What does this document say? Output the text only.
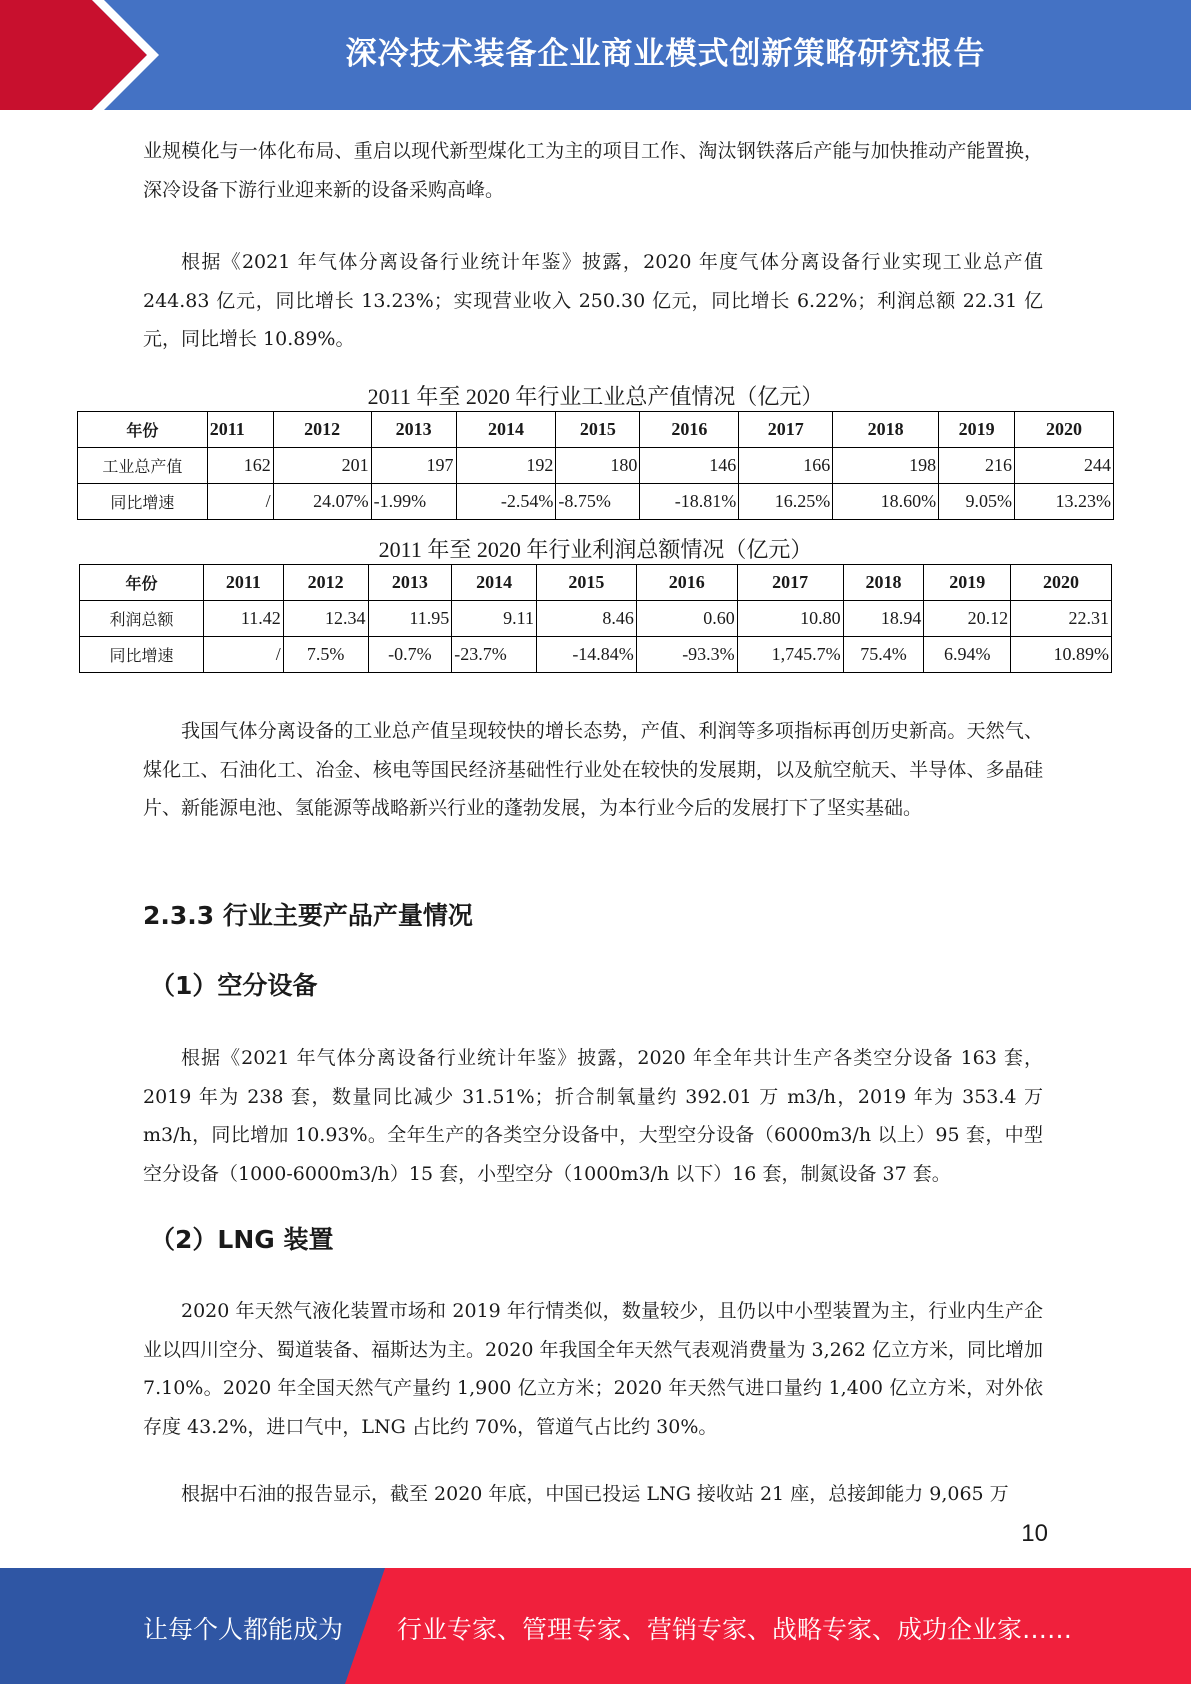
深冷技术装备企业商业模式创新策略研究报告

业规模化与一体化布局、重启以现代新型煤化工为主的项目工作、淘汰钢铁落后产能与加快推动产能置换，深冷设备下游行业迎来新的设备采购高峰。

根据《2021 年气体分离设备行业统计年鉴》披露，2020 年度气体分离设备行业实现工业总产值 244.83 亿元，同比增长 13.23%；实现营业收入 250.30 亿元，同比增长 6.22%；利润总额 22.31 亿元，同比增长 10.89%。

2011 年至 2020 年行业工业总产值情况（亿元）
年份	2011	2012	2013	2014	2015	2016	2017	2018	2019	2020
工业总产值	162	201	197	192	180	146	166	198	216	244
同比增速	/	24.07%	-1.99%	-2.54%	-8.75%	-18.81%	16.25%	18.60%	9.05%	13.23%
2011 年至 2020 年行业利润总额情况（亿元）
年份	2011	2012	2013	2014	2015	2016	2017	2018	2019	2020
利润总额	11.42	12.34	11.95	9.11	8.46	0.60	10.80	18.94	20.12	22.31
同比增速	/	7.5%	-0.7%	-23.7%	-14.84%	-93.3%	1,745.7%	75.4%	6.94%	10.89%

我国气体分离设备的工业总产值呈现较快的增长态势，产值、利润等多项指标再创历史新高。天然气、煤化工、石油化工、冶金、核电等国民经济基础性行业处在较快的发展期，以及航空航天、半导体、多晶硅片、新能源电池、氢能源等战略新兴行业的蓬勃发展，为本行业今后的发展打下了坚实基础。

2.3.3 行业主要产品产量情况
（1）空分设备

根据《2021 年气体分离设备行业统计年鉴》披露，2020 年全年共计生产各类空分设备 163 套，2019 年为 238 套，数量同比减少 31.51%；折合制氧量约 392.01 万 m3/h，2019 年为 353.4 万 m3/h，同比增加 10.93%。全年生产的各类空分设备中，大型空分设备（6000m3/h 以上）95 套，中型空分设备（1000-6000m3/h）15 套，小型空分（1000m3/h 以下）16 套，制氮设备 37 套。

（2）LNG 装置

2020 年天然气液化装置市场和 2019 年行情类似，数量较少，且仍以中小型装置为主，行业内生产企业以四川空分、蜀道装备、福斯达为主。2020 年我国全年天然气表观消费量为 3,262 亿立方米，同比增加 7.10%。2020 年全国天然气产量约 1,900 亿立方米；2020 年天然气进口量约 1,400 亿立方米，对外依存度 43.2%，进口气中，LNG 占比约 70%，管道气占比约 30%。

根据中石油的报告显示，截至 2020 年底，中国已投运 LNG 接收站 21 座，总接卸能力 9,065 万

10
让每个人都能成为 行业专家、管理专家、营销专家、战略专家、成功企业家……
